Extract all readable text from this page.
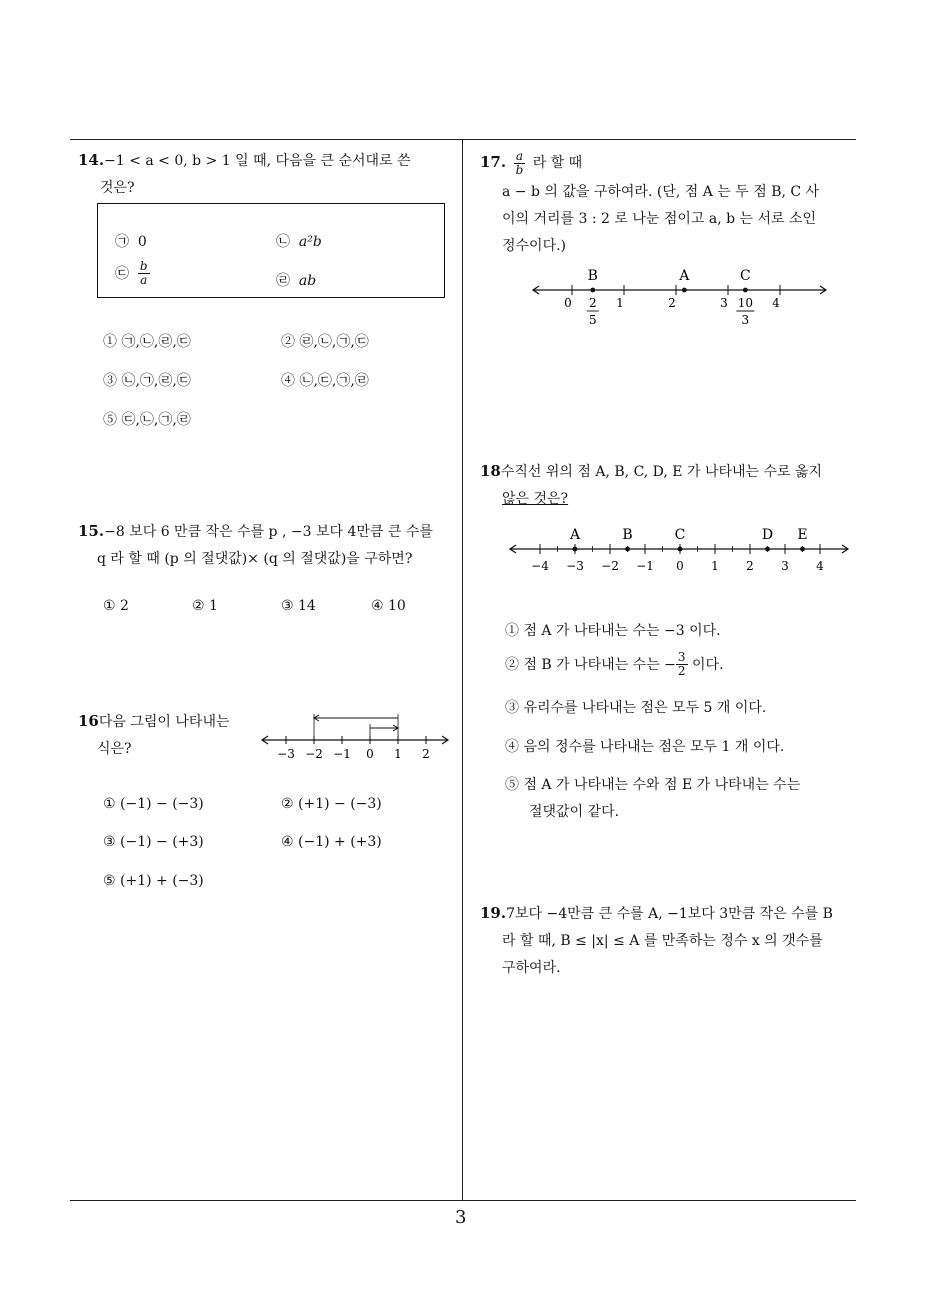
3
14.−1 < a < 0, b > 1 일 때, 다음을 큰 순서대로 쓴
것은?
㉠ 0	㉡ a²b
㉢ $\frac{b}{a}$	㉣ ab
① ㉠,㉡,㉣,㉢	② ㉣,㉡,㉠,㉢
③ ㉡,㉠,㉣,㉢	④ ㉡,㉢,㉠,㉣
⑤ ㉢,㉡,㉠,㉣
15.−8 보다 6 만큼 작은 수를 p , −3 보다 4만큼 큰 수를
q 라 할 때 (p 의 절댓값)× (q 의 절댓값)을 구하면?
① 2	② 1	③ 14	④ 10
16다음 그림이 나타내는
식은?	−3 −2 −1 0 1 2
① (−1) − (−3)	② (+1) − (−3)
③ (−1) − (+3)	④ (−1) + (+3)
⑤ (+1) + (−3)
17. $\frac{a}{b}$ 라 할 때
a − b 의 값을 구하여라. (단, 점 A 는 두 점 B, C 사
이의 거리를 3 : 2 로 나눈 점이고 a, b 는 서로 소인
정수이다.)
0	1	2	3	4
B	A	C
2
5
10
3
18수직선 위의 점 A, B, C, D, E 가 나타내는 수로 옳지
않은 것은?
−4 −3 −2 −1 0 1 2 3 4
A	B	C	D E
① 점 A 가 나타내는 수는 −3 이다.
② 점 B 가 나타내는 수는 − $\frac{3}{2}$ 이다.
③ 유리수를 나타내는 점은 모두 5 개 이다.
④ 음의 정수를 나타내는 점은 모두 1 개 이다.
⑤ 점 A 가 나타내는 수와 점 E 가 나타내는 수는
절댓값이 같다.
19.7보다 −4만큼 큰 수를 A, −1보다 3만큼 작은 수를 B
라 할 때, B ≤ |x| ≤ A 를 만족하는 정수 x 의 갯수를
구하여라.
